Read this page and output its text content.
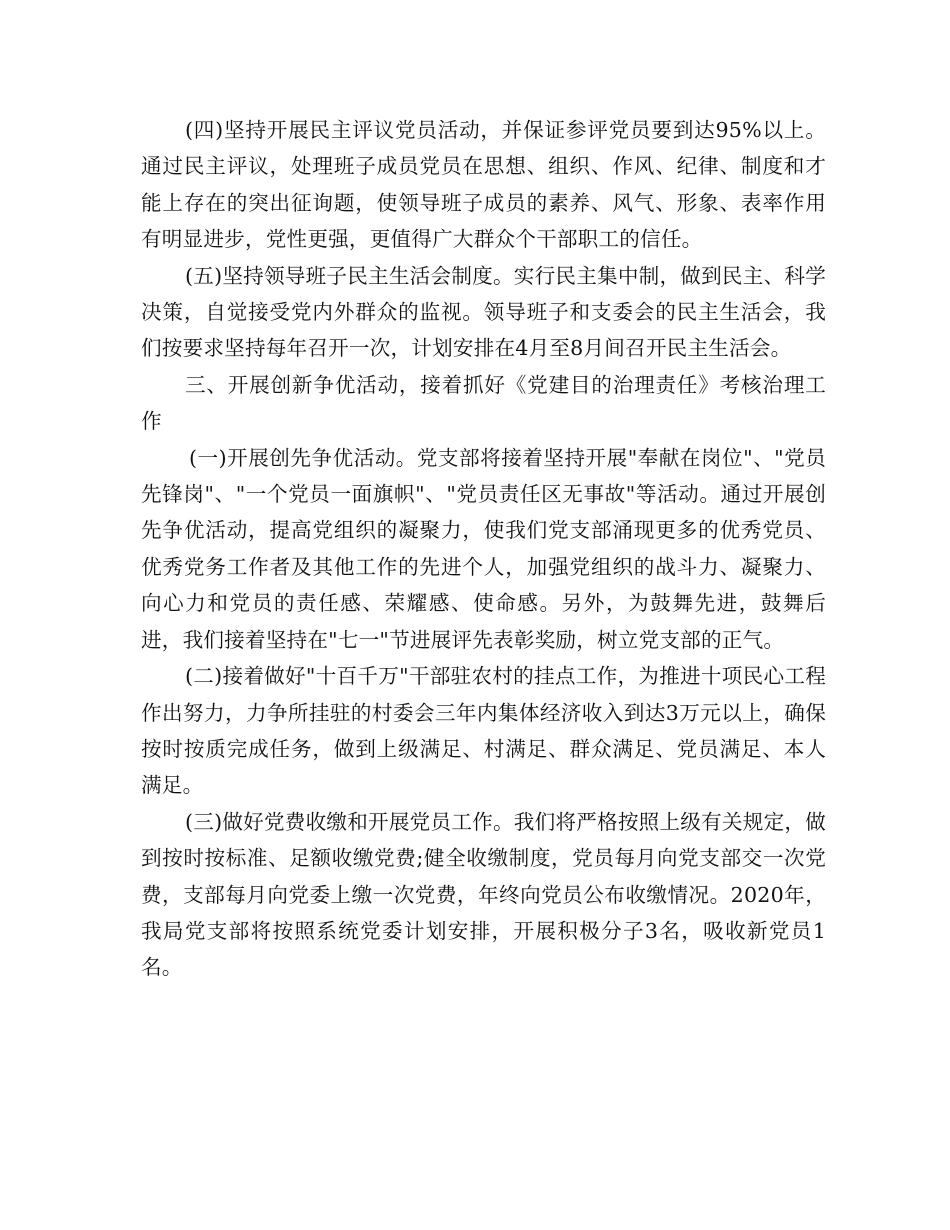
(四)坚持开展民主评议党员活动，并保证参评党员要到达95%以上。通过民主评议，处理班子成员党员在思想、组织、作风、纪律、制度和才能上存在的突出征询题，使领导班子成员的素养、风气、形象、表率作用有明显进步，党性更强，更值得广大群众个干部职工的信任。

(五)坚持领导班子民主生活会制度。实行民主集中制，做到民主、科学决策，自觉接受党内外群众的监视。领导班子和支委会的民主生活会，我们按要求坚持每年召开一次，计划安排在4月至8月间召开民主生活会。

三、开展创新争优活动，接着抓好《党建目的治理责任》考核治理工作

(一)开展创先争优活动。党支部将接着坚持开展"奉献在岗位"、"党员先锋岗"、"一个党员一面旗帜"、"党员责任区无事故"等活动。通过开展创先争优活动，提高党组织的凝聚力，使我们党支部涌现更多的优秀党员、优秀党务工作者及其他工作的先进个人，加强党组织的战斗力、凝聚力、向心力和党员的责任感、荣耀感、使命感。另外，为鼓舞先进，鼓舞后进，我们接着坚持在"七一"节进展评先表彰奖励，树立党支部的正气。

(二)接着做好"十百千万"干部驻农村的挂点工作，为推进十项民心工程作出努力，力争所挂驻的村委会三年内集体经济收入到达3万元以上，确保按时按质完成任务，做到上级满足、村满足、群众满足、党员满足、本人满足。

(三)做好党费收缴和开展党员工作。我们将严格按照上级有关规定，做到按时按标准、足额收缴党费;健全收缴制度，党员每月向党支部交一次党费，支部每月向党委上缴一次党费，年终向党员公布收缴情况。2020年，我局党支部将按照系统党委计划安排，开展积极分子3名，吸收新党员1名。
